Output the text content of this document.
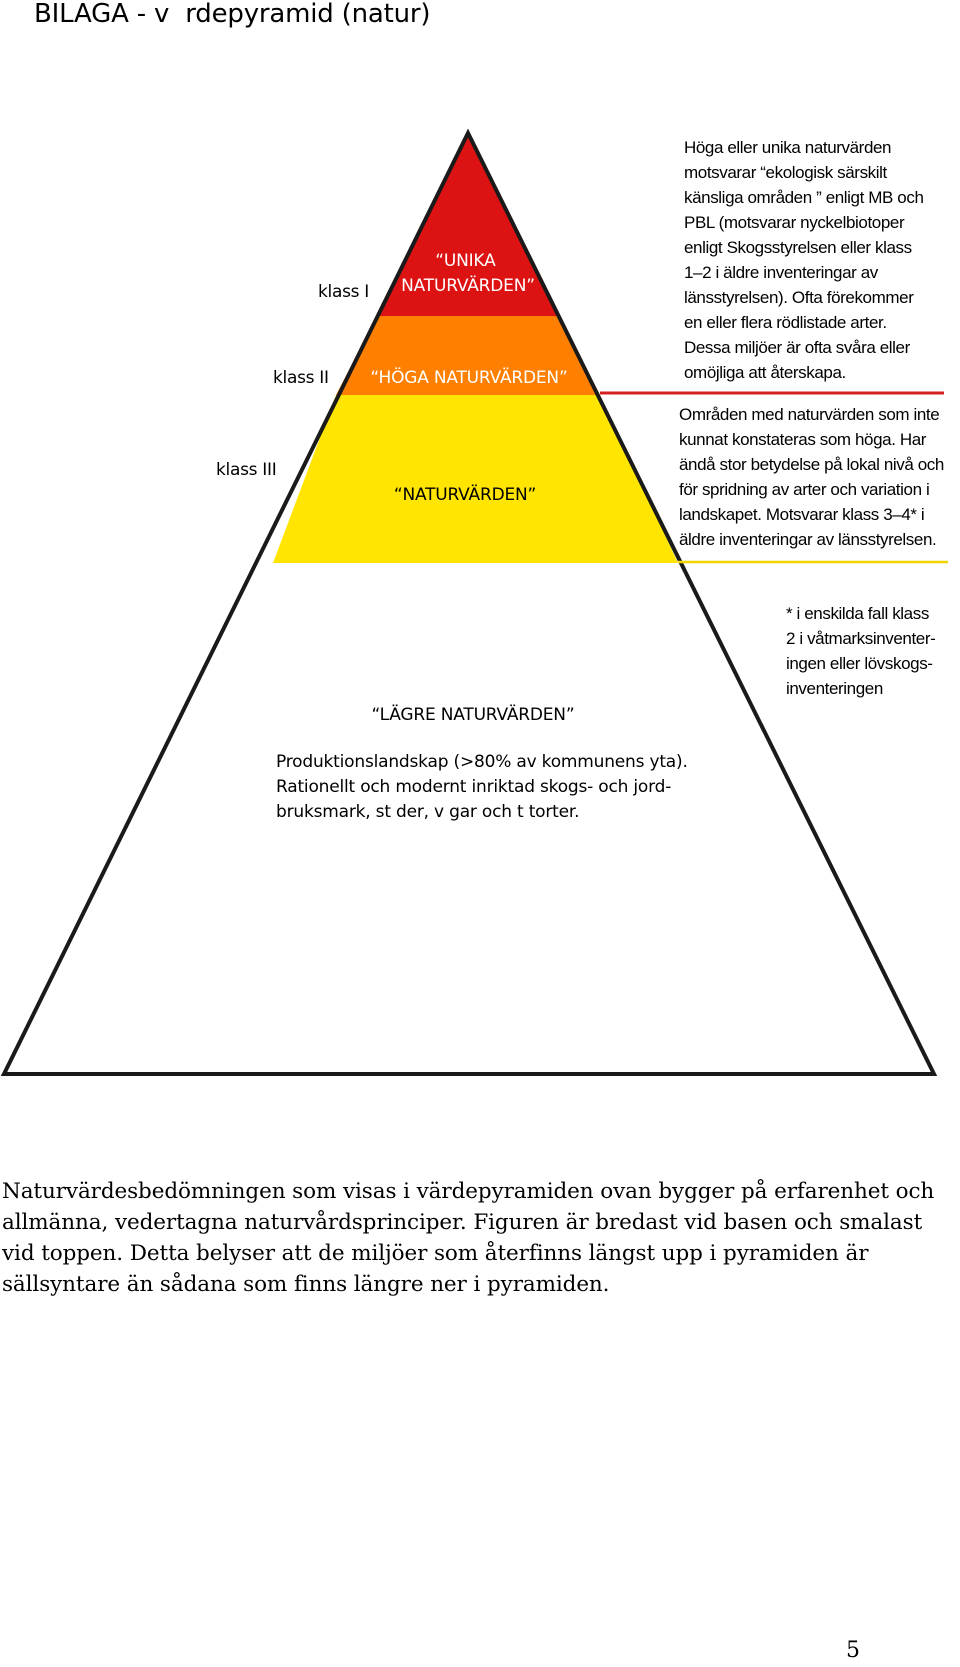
BILAGA - v  rdepyramid (natur)
“UNIKA NATURVÄRDEN”
“HÖGA NATURVÄRDEN”
“NATURVÄRDEN”
“LÄGRE NATURVÄRDEN”
klass I
klass II
klass III
Produktionslandskap (>80% av kommunens yta). Rationellt och modernt inriktad skogs- och jord- bruksmark, st der, v gar och t torter.
Höga eller unika naturvärden motsvarar “ekologisk särskilt känsliga områden ” enligt MB och PBL (motsvarar nyckelbiotoper enligt Skogsstyrelsen eller klass 1–2 i äldre inventeringar av länsstyrelsen). Ofta förekommer en eller flera rödlistade arter. Dessa miljöer är ofta svåra eller omöjliga att återskapa.
Områden med naturvärden som inte kunnat konstateras som höga. Har ändå stor betydelse på lokal nivå och för spridning av arter och variation i landskapet. Motsvarar klass 3–4* i äldre inventeringar av länsstyrelsen.
* i enskilda fall klass 2 i våtmarksinventer- ingen eller lövskogs- inventeringen
Naturvärdesbedömningen som visas i värdepyramiden ovan bygger på erfarenhet och allmänna, vedertagna naturvårdsprinciper. Figuren är bredast vid basen och smalast vid toppen. Detta belyser att de miljöer som återfinns längst upp i pyramiden är sällsyntare än sådana som finns längre ner i pyramiden.
5
